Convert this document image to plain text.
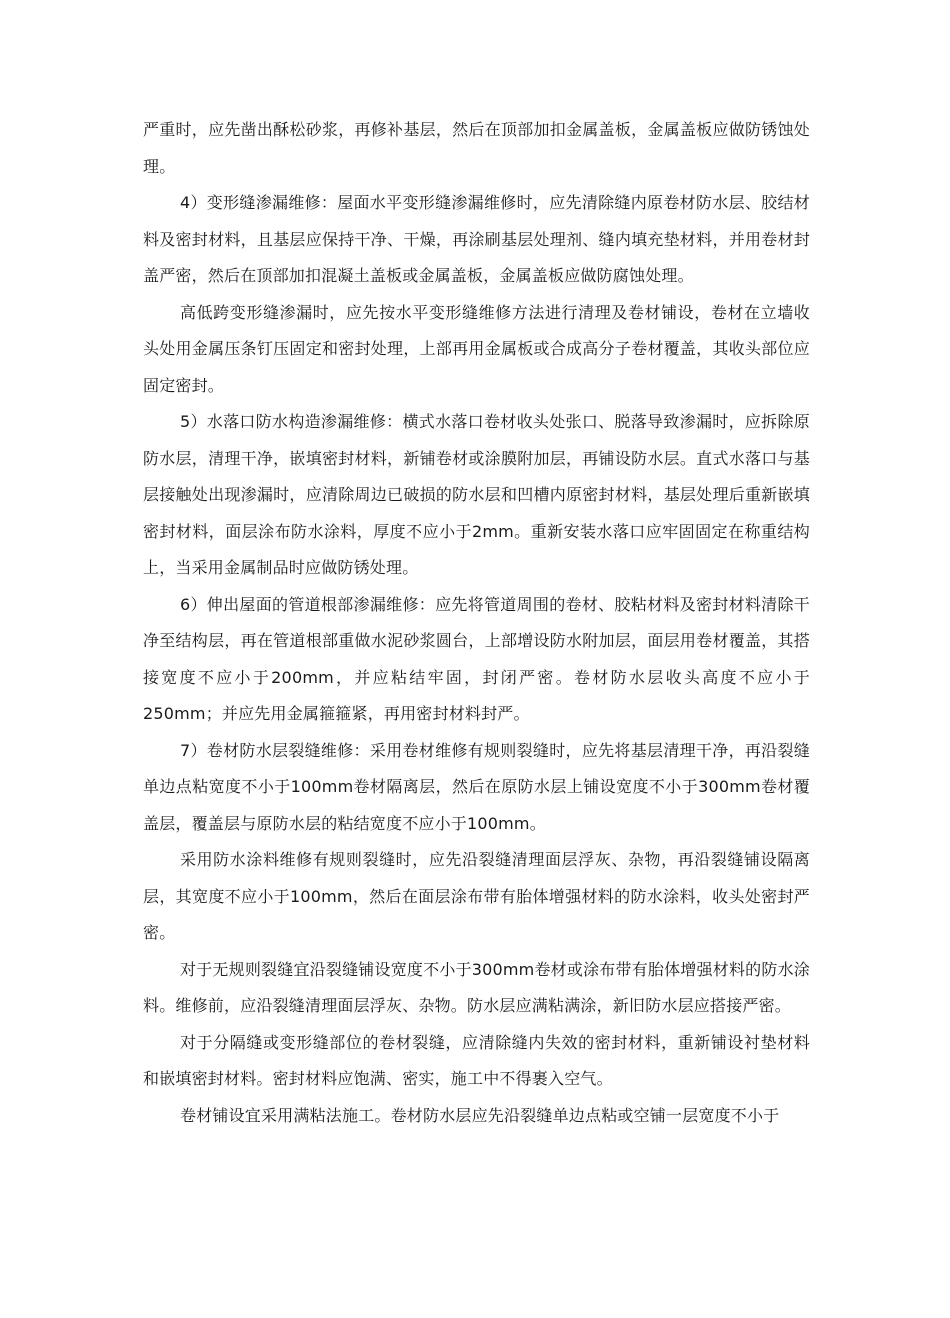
严重时，应先凿出酥松砂浆，再修补基层，然后在顶部加扣金属盖板，金属盖板应做防锈蚀处理。

4）变形缝渗漏维修：屋面水平变形缝渗漏维修时，应先清除缝内原卷材防水层、胶结材料及密封材料，且基层应保持干净、干燥，再涂刷基层处理剂、缝内填充垫材料，并用卷材封盖严密，然后在顶部加扣混凝土盖板或金属盖板，金属盖板应做防腐蚀处理。

高低跨变形缝渗漏时，应先按水平变形缝维修方法进行清理及卷材铺设，卷材在立墙收头处用金属压条钉压固定和密封处理，上部再用金属板或合成高分子卷材覆盖，其收头部位应固定密封。

5）水落口防水构造渗漏维修：横式水落口卷材收头处张口、脱落导致渗漏时，应拆除原防水层，清理干净，嵌填密封材料，新铺卷材或涂膜附加层，再铺设防水层。直式水落口与基层接触处出现渗漏时，应清除周边已破损的防水层和凹槽内原密封材料，基层处理后重新嵌填密封材料，面层涂布防水涂料，厚度不应小于2mm。重新安装水落口应牢固固定在称重结构上，当采用金属制品时应做防锈处理。

6）伸出屋面的管道根部渗漏维修：应先将管道周围的卷材、胶粘材料及密封材料清除干净至结构层，再在管道根部重做水泥砂浆圆台，上部增设防水附加层，面层用卷材覆盖，其搭接宽度不应小于200mm，并应粘结牢固，封闭严密。卷材防水层收头高度不应小于250mm；并应先用金属箍箍紧，再用密封材料封严。

7）卷材防水层裂缝维修：采用卷材维修有规则裂缝时，应先将基层清理干净，再沿裂缝单边点粘宽度不小于100mm卷材隔离层，然后在原防水层上铺设宽度不小于300mm卷材覆盖层，覆盖层与原防水层的粘结宽度不应小于100mm。

采用防水涂料维修有规则裂缝时，应先沿裂缝清理面层浮灰、杂物，再沿裂缝铺设隔离层，其宽度不应小于100mm，然后在面层涂布带有胎体增强材料的防水涂料，收头处密封严密。

对于无规则裂缝宜沿裂缝铺设宽度不小于300mm卷材或涂布带有胎体增强材料的防水涂料。维修前，应沿裂缝清理面层浮灰、杂物。防水层应满粘满涂，新旧防水层应搭接严密。

对于分隔缝或变形缝部位的卷材裂缝，应清除缝内失效的密封材料，重新铺设衬垫材料和嵌填密封材料。密封材料应饱满、密实，施工中不得裹入空气。

卷材铺设宜采用满粘法施工。卷材防水层应先沿裂缝单边点粘或空铺一层宽度不小于
